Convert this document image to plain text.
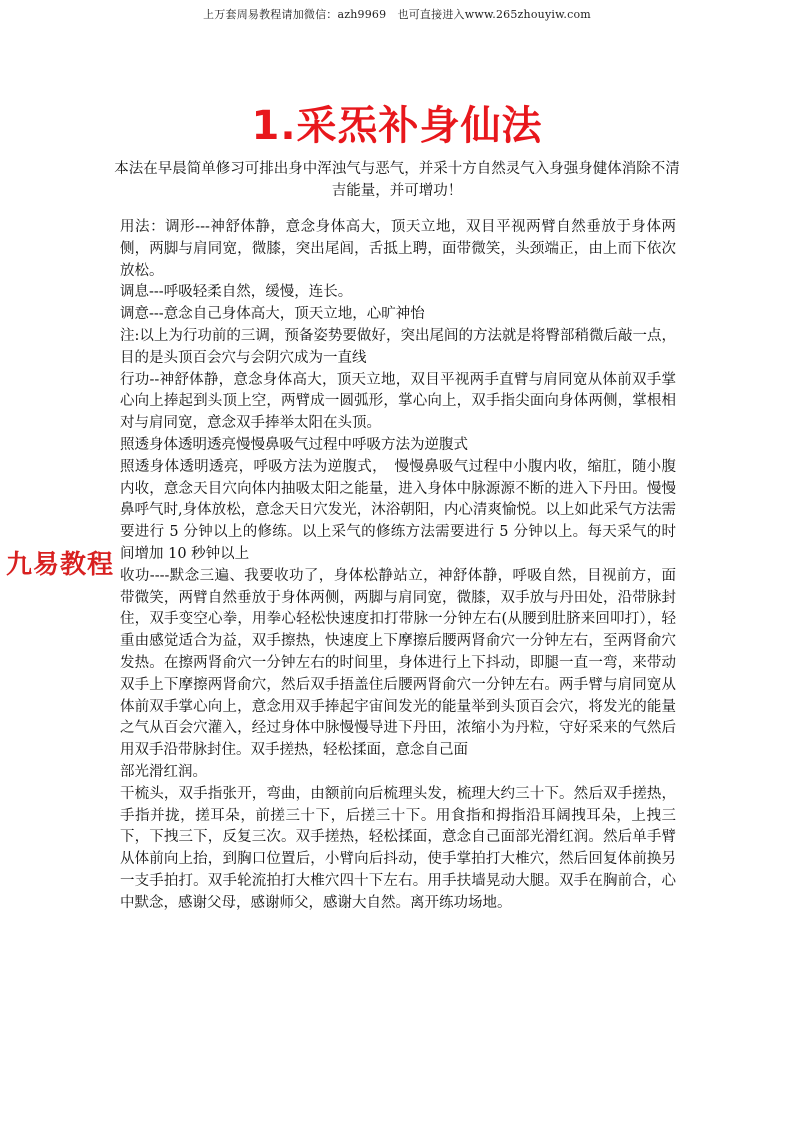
上万套周易教程请加微信：azh9969　也可直接进入www.265zhouyiw.com
1.采炁补身仙法
本法在早晨简单修习可排出身中浑浊气与恶气，并采十方自然灵气入身强身健体消除不清吉能量，并可增功！

用法：调形---神舒体静，意念身体高大，顶天立地，双目平视两臂自然垂放于身体两侧，两脚与肩同宽，微膝，突出尾闾，舌抵上聘，面带微笑，头颈端正，由上而下依次放松。

调息---呼吸轻柔自然，缓慢，连长。

调意---意念自己身体高大，顶天立地，心旷神怡

注:以上为行功前的三调，预备姿势要做好，突出尾闾的方法就是将臀部稍微后敲一点，目的是头顶百会穴与会阴穴成为一直线

行功--神舒体静，意念身体高大，顶天立地，双目平视两手直臂与肩同宽从体前双手掌心向上捧起到头顶上空，两臂成一圆弧形，掌心向上，双手指尖面向身体两侧，掌根相对与肩同宽，意念双手捧举太阳在头顶。

照透身体透明透亮慢慢鼻吸气过程中呼吸方法为逆腹式

照透身体透明透亮，呼吸方法为逆腹式，　慢慢鼻吸气过程中小腹内收，缩肛，随小腹内收，意念天目穴向体内抽吸太阳之能量，进入身体中脉源源不断的进入下丹田。慢慢鼻呼气时,身体放松，意念天日穴发光，沐浴朝阳，内心清爽愉悦。以上如此采气方法需要进行 5 分钟以上的修练。以上采气的修练方法需要进行 5 分钟以上。每天采气的时间增加 10 秒钟以上

收功----默念三遍、我要收功了，身体松静站立，神舒体静，呼吸自然，目视前方，面带微笑，两臂自然垂放于身体两侧，两脚与肩同宽，微膝，双手放与丹田处，沿带脉封住，双手变空心拳，用拳心轻松快速度扣打带脉一分钟左右(从腰到肚脐来回叩打），轻重由感觉适合为益，双手擦热，快速度上下摩擦后腰两肾俞穴一分钟左右，至两肾俞穴发热。在擦两肾俞穴一分钟左右的时间里，身体进行上下抖动，即腿一直一弯，来带动双手上下摩擦两肾俞穴，然后双手捂盖住后腰两肾俞穴一分钟左右。两手臂与肩同宽从体前双手掌心向上，意念用双手捧起宇宙间发光的能量举到头顶百会穴，将发光的能量之气从百会穴灌入，经过身体中脉慢慢导进下丹田，浓缩小为丹粒，守好采来的气然后用双手沿带脉封住。双手搓热，轻松揉面，意念自己面

部光滑红润。

干梳头，双手指张开，弯曲，由额前向后梳理头发，梳理大约三十下。然后双手搓热，手指并拢，搓耳朵，前搓三十下，后搓三十下。用食指和拇指沿耳阔拽耳朵，上拽三下，下拽三下，反复三次。双手搓热，轻松揉面，意念自己面部光滑红润。然后单手臂从体前向上抬，到胸口位置后，小臂向后抖动，使手掌拍打大椎穴，然后回复体前换另一支手拍打。双手轮流拍打大椎穴四十下左右。用手扶墙晃动大腿。双手在胸前合，心中默念，感谢父母，感谢师父，感谢大自然。离开练功场地。

九易教程
